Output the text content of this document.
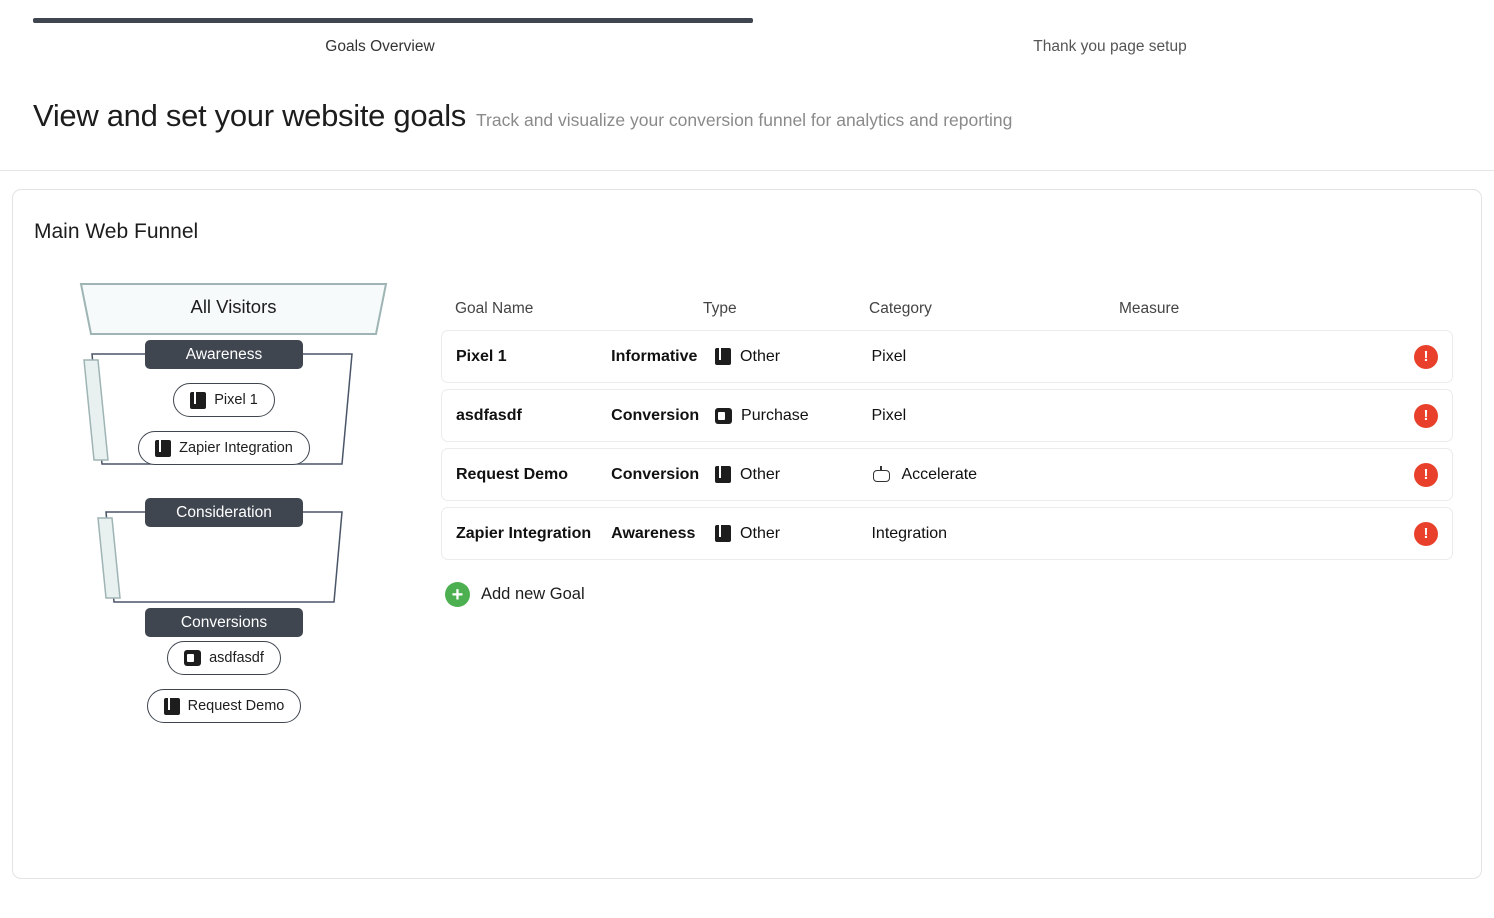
Goals Overview	Thank you page setup
View and set your website goals Track and visualize your conversion funnel for analytics and reporting
Main Web Funnel
All Visitors
Awareness
Pixel 1
Zapier Integration
Consideration
Conversions
asdfasdf
Request Demo
Goal Name	Type	Category	Measure
Pixel 1	Informative	Other	Pixel	!
asdfasdf	Conversion	Purchase	Pixel	!
Request Demo	Conversion	Other	Accelerate	!
Zapier Integration	Awareness	Other	Integration	!
+	Add new Goal
